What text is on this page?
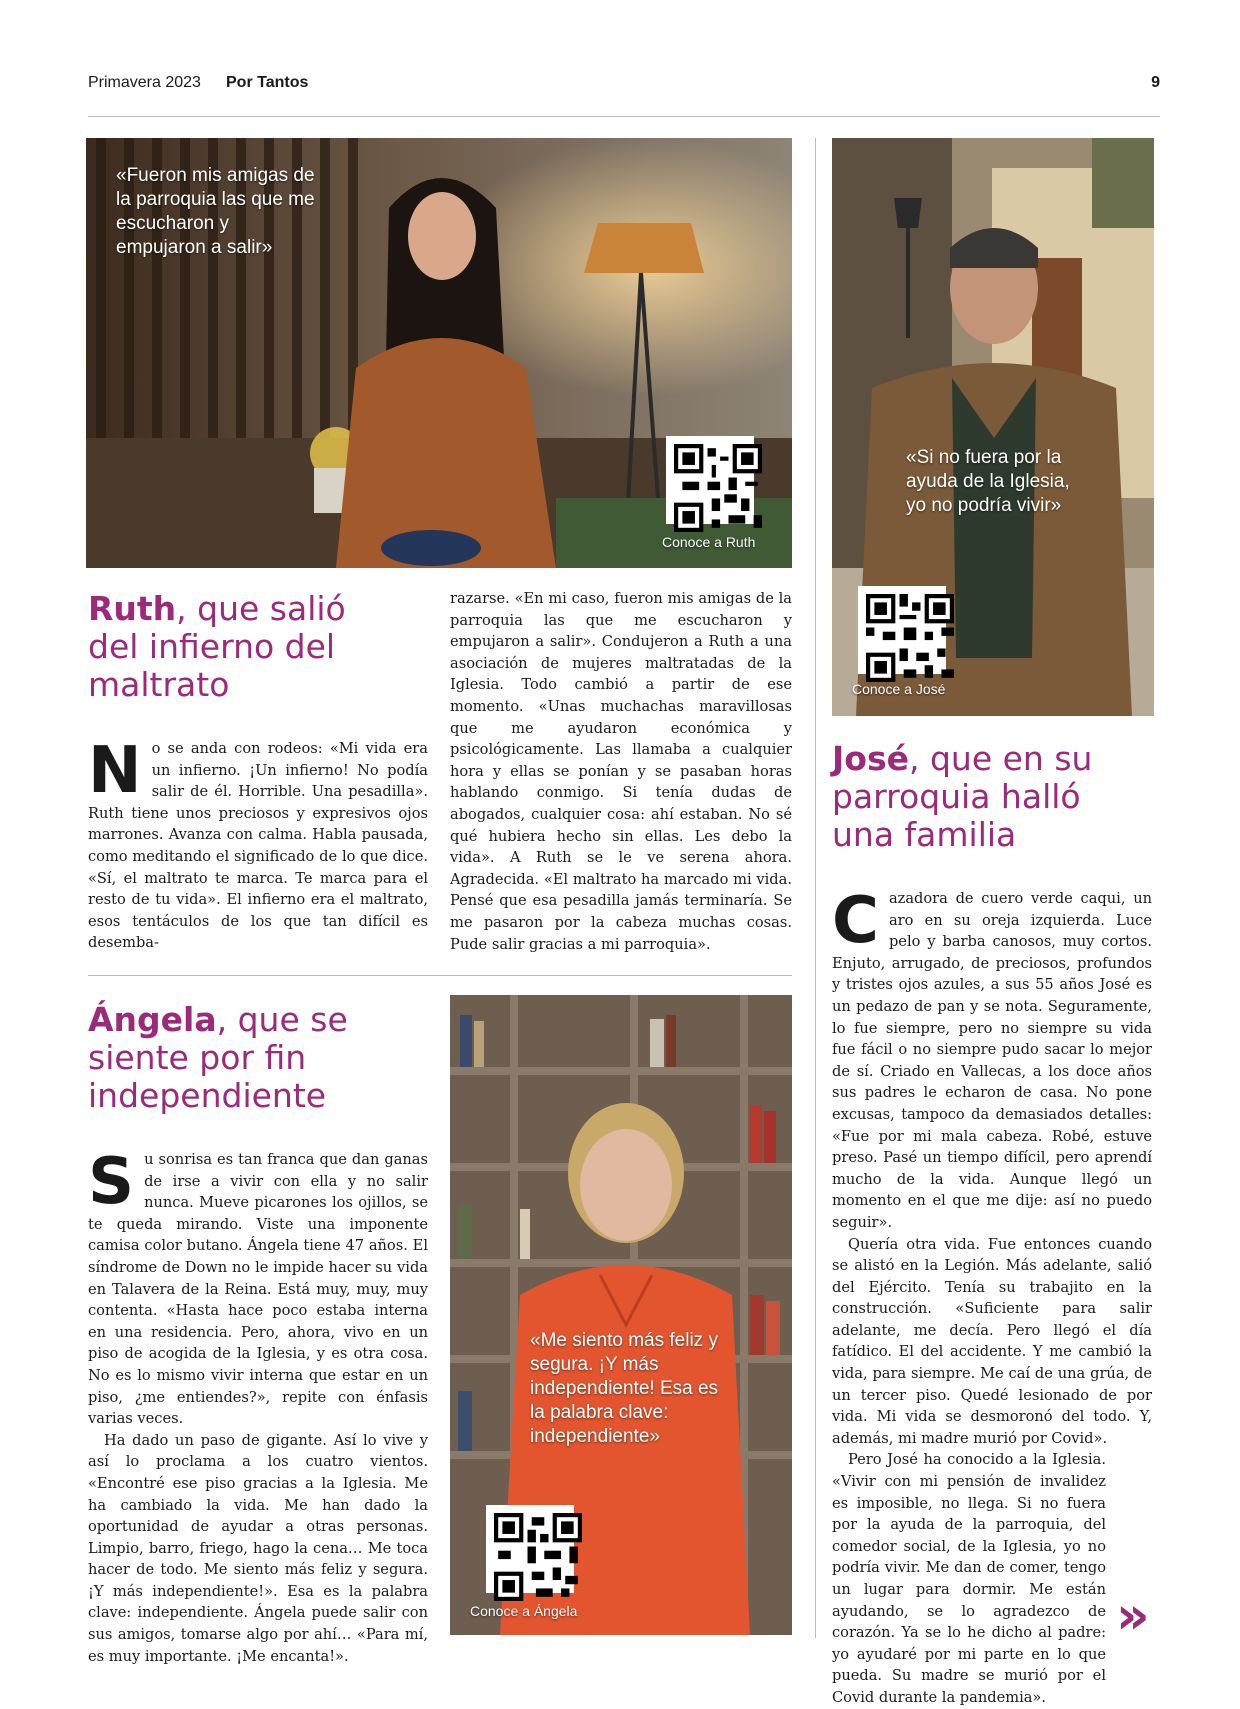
Primavera 2023 Por Tantos	9
«Fueron mis amigas de la parroquia las que me escucharon y empujaron a salir»
Conoce a Ruth
Ruth, que salió del infierno del maltrato

No se anda con rodeos: «Mi vida era un infierno. ¡Un infierno! No podía salir de él. Horrible. Una pesadilla». Ruth tiene unos preciosos y expresivos ojos marrones. Avanza con calma. Habla pausada, como meditando el significado de lo que dice. «Sí, el maltrato te marca. Te marca para el resto de tu vida». El infierno era el maltrato, esos tentáculos de los que tan difícil es desemba-

razarse. «En mi caso, fueron mis amigas de la parroquia las que me escucharon y empujaron a salir». Condujeron a Ruth a una asociación de mujeres maltratadas de la Iglesia. Todo cambió a partir de ese momento. «Unas muchachas maravillosas que me ayudaron económica y psicológicamente. Las llamaba a cualquier hora y ellas se ponían y se pasaban horas hablando conmigo. Si tenía dudas de abogados, cualquier cosa: ahí estaban. No sé qué hubiera hecho sin ellas. Les debo la vida». A Ruth se le ve serena ahora. Agradecida. «El maltrato ha marcado mi vida. Pensé que esa pesadilla jamás terminaría. Se me pasaron por la cabeza muchas cosas. Pude salir gracias a mi parroquia».

Ángela, que se siente por fin independiente

Su sonrisa es tan franca que dan ganas de irse a vivir con ella y no salir nunca. Mueve picarones los ojillos, se te queda mirando. Viste una imponente camisa color butano. Ángela tiene 47 años. El síndrome de Down no le impide hacer su vida en Talavera de la Reina. Está muy, muy, muy contenta. «Hasta hace poco estaba interna en una residencia. Pero, ahora, vivo en un piso de acogida de la Iglesia, y es otra cosa. No es lo mismo vivir interna que estar en un piso, ¿me entiendes?», repite con énfasis varias veces.

Ha dado un paso de gigante. Así lo vive y así lo proclama a los cuatro vientos. «Encontré ese piso gracias a la Iglesia. Me ha cambiado la vida. Me han dado la oportunidad de ayudar a otras personas. Limpio, barro, friego, hago la cena… Me toca hacer de todo. Me siento más feliz y segura. ¡Y más independiente!». Esa es la palabra clave: independiente. Ángela puede salir con sus amigos, tomarse algo por ahí… «Para mí, es muy importante. ¡Me encanta!».

«Me siento más feliz y segura. ¡Y más independiente! Esa es la palabra clave: independiente»
Conoce a Ángela
«Si no fuera por la ayuda de la Iglesia, yo no podría vivir»
Conoce a José
José, que en su parroquia halló una familia

Cazadora de cuero verde caqui, un aro en su oreja izquierda. Luce pelo y barba canosos, muy cortos. Enjuto, arrugado, de preciosos, profundos y tristes ojos azules, a sus 55 años José es un pedazo de pan y se nota. Seguramente, lo fue siempre, pero no siempre su vida fue fácil o no siempre pudo sacar lo mejor de sí. Criado en Vallecas, a los doce años sus padres le echaron de casa. No pone excusas, tampoco da demasiados detalles: «Fue por mi mala cabeza. Robé, estuve preso. Pasé un tiempo difícil, pero aprendí mucho de la vida. Aunque llegó un momento en el que me dije: así no puedo seguir».

Quería otra vida. Fue entonces cuando se alistó en la Legión. Más adelante, salió del Ejército. Tenía su trabajito en la construcción. «Suficiente para salir adelante, me decía. Pero llegó el día fatídico. El del accidente. Y me cambió la vida, para siempre. Me caí de una grúa, de un tercer piso. Quedé lesionado de por vida. Mi vida se desmoronó del todo. Y, además, mi madre murió por Covid».

Pero José ha conocido a la Iglesia. «Vivir con mi pensión de invalidez es imposible, no llega. Si no fuera por la ayuda de la parroquia, del comedor social, de la Iglesia, yo no podría vivir. Me dan de comer, tengo un lugar para dormir. Me están ayudando, se lo agradezco de corazón. Ya se lo he dicho al padre: yo ayudaré por mi parte en lo que pueda. Su madre se murió por el Covid durante la pandemia».

»
